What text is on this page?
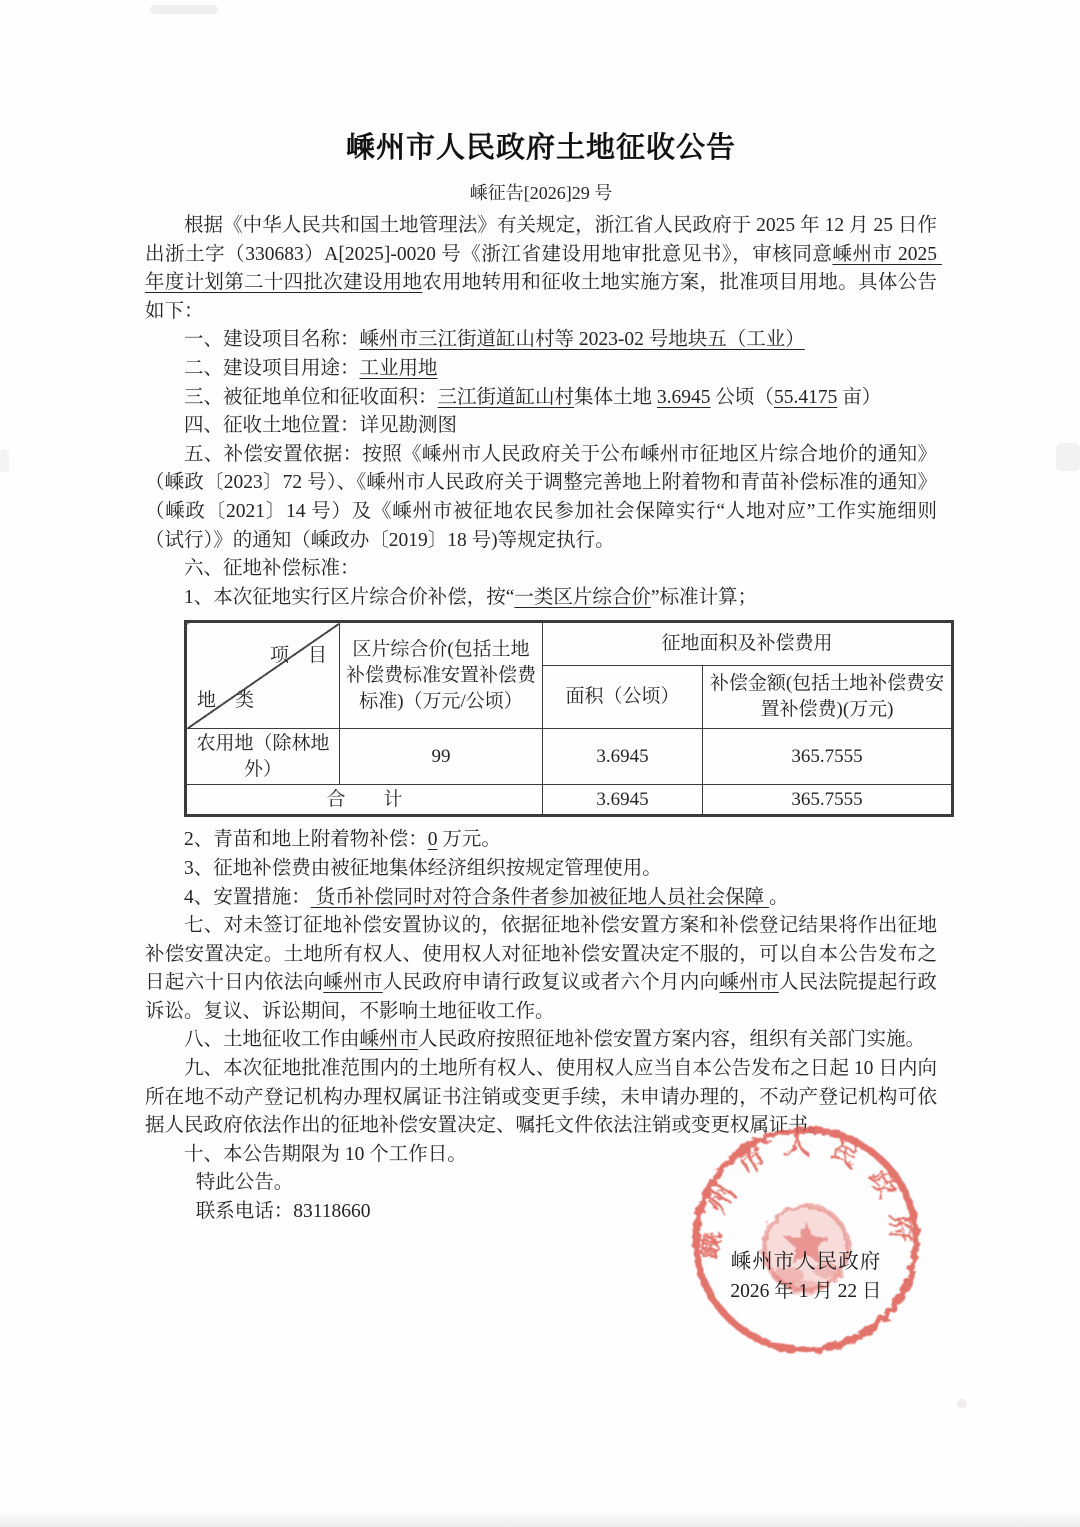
嵊州市人民政府土地征收公告
嵊征告[2026]29 号
根据《中华人民共和国土地管理法》有关规定，浙江省人民政府于 2025 年 12 月 25 日作出浙土字（330683）A[2025]-0020 号《浙江省建设用地审批意见书》，审核同意嵊州市 2025 年度计划第二十四批次建设用地农用地转用和征收土地实施方案，批准项目用地。具体公告如下：
一、建设项目名称：嵊州市三江街道缸山村等 2023-02 号地块五（工业）
二、建设项目用途：工业用地
三、被征地单位和征收面积：三江街道缸山村集体土地 3.6945 公顷（55.4175 亩）
四、征收土地位置：详见勘测图
五、补偿安置依据：按照《嵊州市人民政府关于公布嵊州市征地区片综合地价的通知》（嵊政〔2023〕72 号）、《嵊州市人民政府关于调整完善地上附着物和青苗补偿标准的通知》（嵊政〔2021〕14 号）及《嵊州市被征地农民参加社会保障实行“人地对应”工作实施细则（试行）》的通知（嵊政办〔2019〕18 号)等规定执行。
六、征地补偿标准：
1、本次征地实行区片综合价补偿，按“一类区片综合价”标准计算；
项　目
地　类	区片综合价(包括土地补偿费标准安置补偿费标准)（万元/公顷）	征地面积及补偿费用	
		面积（公顷）	补偿金额(包括土地补偿费安置补偿费)(万元)
农用地（除林地外）	99	3.6945	365.7555
合　　计		3.6945	365.7555
2、青苗和地上附着物补偿：0 万元。
3、征地补偿费由被征地集体经济组织按规定管理使用。
4、安置措施： 货币补偿同时对符合条件者参加被征地人员社会保障 。
七、对未签订征地补偿安置协议的，依据征地补偿安置方案和补偿登记结果将作出征地补偿安置决定。土地所有权人、使用权人对征地补偿安置决定不服的，可以自本公告发布之日起六十日内依法向嵊州市人民政府申请行政复议或者六个月内向嵊州市人民法院提起行政诉讼。复议、诉讼期间，不影响土地征收工作。
八、土地征收工作由嵊州市人民政府按照征地补偿安置方案内容，组织有关部门实施。
九、本次征地批准范围内的土地所有权人、使用权人应当自本公告发布之日起 10 日内向所在地不动产登记机构办理权属证书注销或变更手续，未申请办理的，不动产登记机构可依据人民政府依法作出的征地补偿安置决定、嘱托文件依法注销或变更权属证书。
十、本公告期限为 10 个工作日。
特此公告。
联系电话：83118660
嵊州市人民政府
嵊州市人民政府
2026 年 1 月 22 日
